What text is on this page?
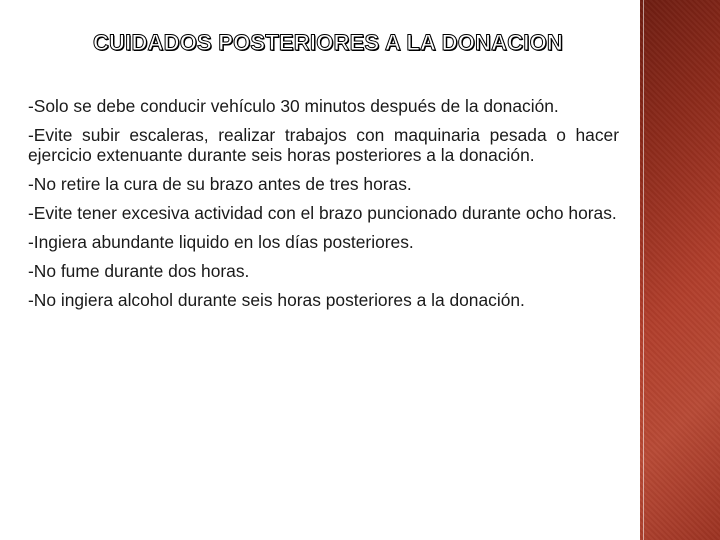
CUIDADOS POSTERIORES A LA DONACION
-Solo se debe conducir vehículo 30 minutos después de la donación.
-Evite subir escaleras, realizar trabajos con maquinaria pesada o hacer ejercicio extenuante durante seis horas posteriores a la donación.
-No retire la cura de su brazo antes de tres horas.
-Evite tener excesiva actividad con el brazo puncionado durante ocho horas.
-Ingiera abundante liquido en los días posteriores.
-No fume durante dos horas.
-No ingiera alcohol durante seis horas posteriores a la donación.
